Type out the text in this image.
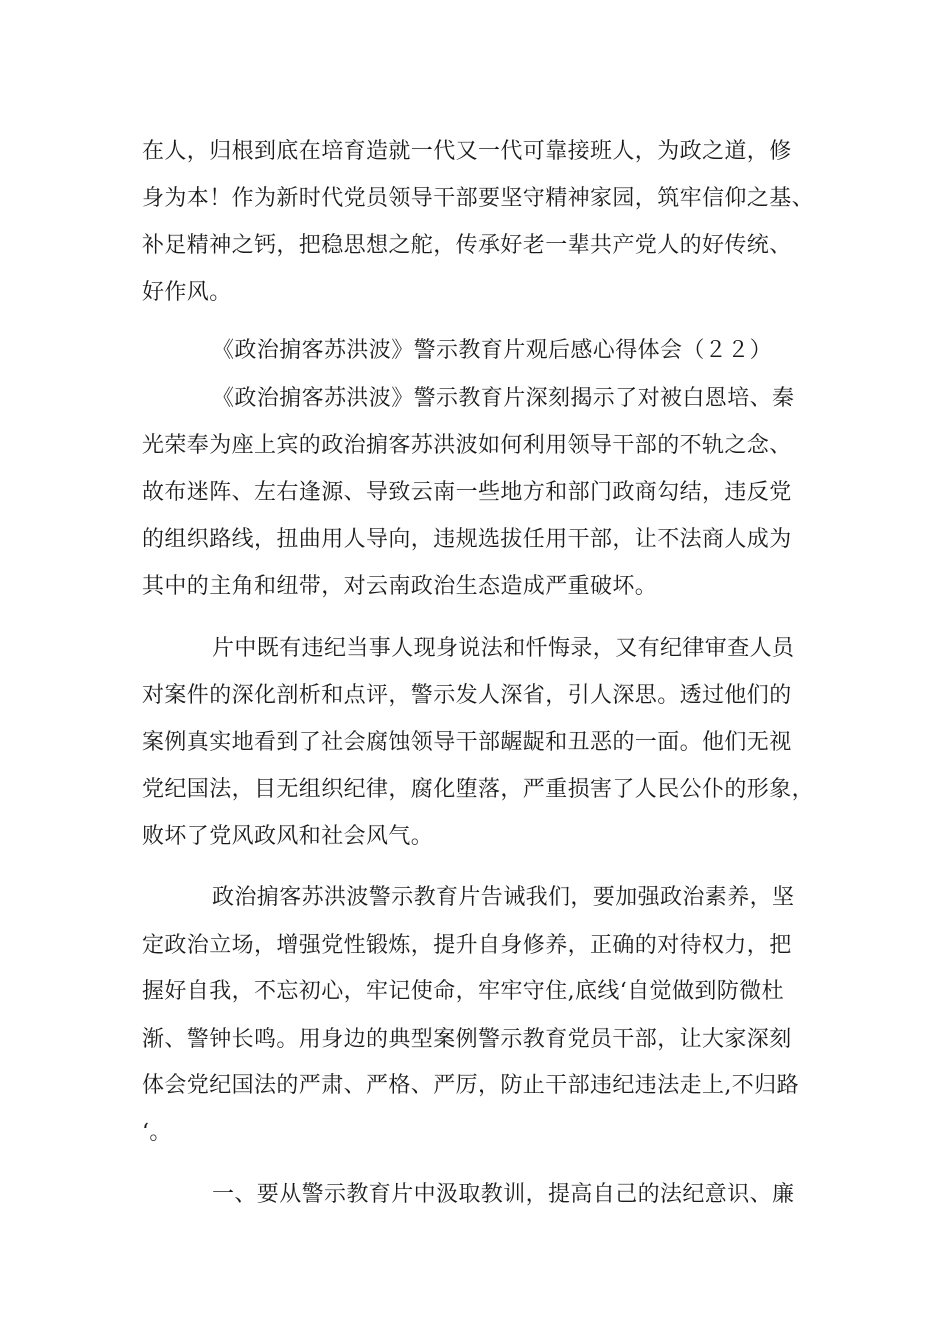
在人，归根到底在培育造就一代又一代可靠接班人，为政之道，修
身为本！作为新时代党员领导干部要坚守精神家园，筑牢信仰之基、
补足精神之钙，把稳思想之舵，传承好老一辈共产党人的好传统、
好作风。
《政治掮客苏洪波》警示教育片观后感心得体会（２２）
《政治掮客苏洪波》警示教育片深刻揭示了对被白恩培、秦
光荣奉为座上宾的政治掮客苏洪波如何利用领导干部的不轨之念、
故布迷阵、左右逢源、导致云南一些地方和部门政商勾结，违反党
的组织路线，扭曲用人导向，违规选拔任用干部，让不法商人成为
其中的主角和纽带，对云南政治生态造成严重破坏。
片中既有违纪当事人现身说法和忏悔录，又有纪律审查人员
对案件的深化剖析和点评，警示发人深省，引人深思。透过他们的
案例真实地看到了社会腐蚀领导干部龌龊和丑恶的一面。他们无视
党纪国法，目无组织纪律，腐化堕落，严重损害了人民公仆的形象，
败坏了党风政风和社会风气。
政治掮客苏洪波警示教育片告诫我们，要加强政治素养，坚
定政治立场，增强党性锻炼，提升自身修养，正确的对待权力，把
握好自我，不忘初心，牢记使命，牢牢守住,底线‘自觉做到防微杜
渐、警钟长鸣。用身边的典型案例警示教育党员干部，让大家深刻
体会党纪国法的严肃、严格、严厉，防止干部违纪违法走上,不归路
‘。
一、要从警示教育片中汲取教训，提高自己的法纪意识、廉
